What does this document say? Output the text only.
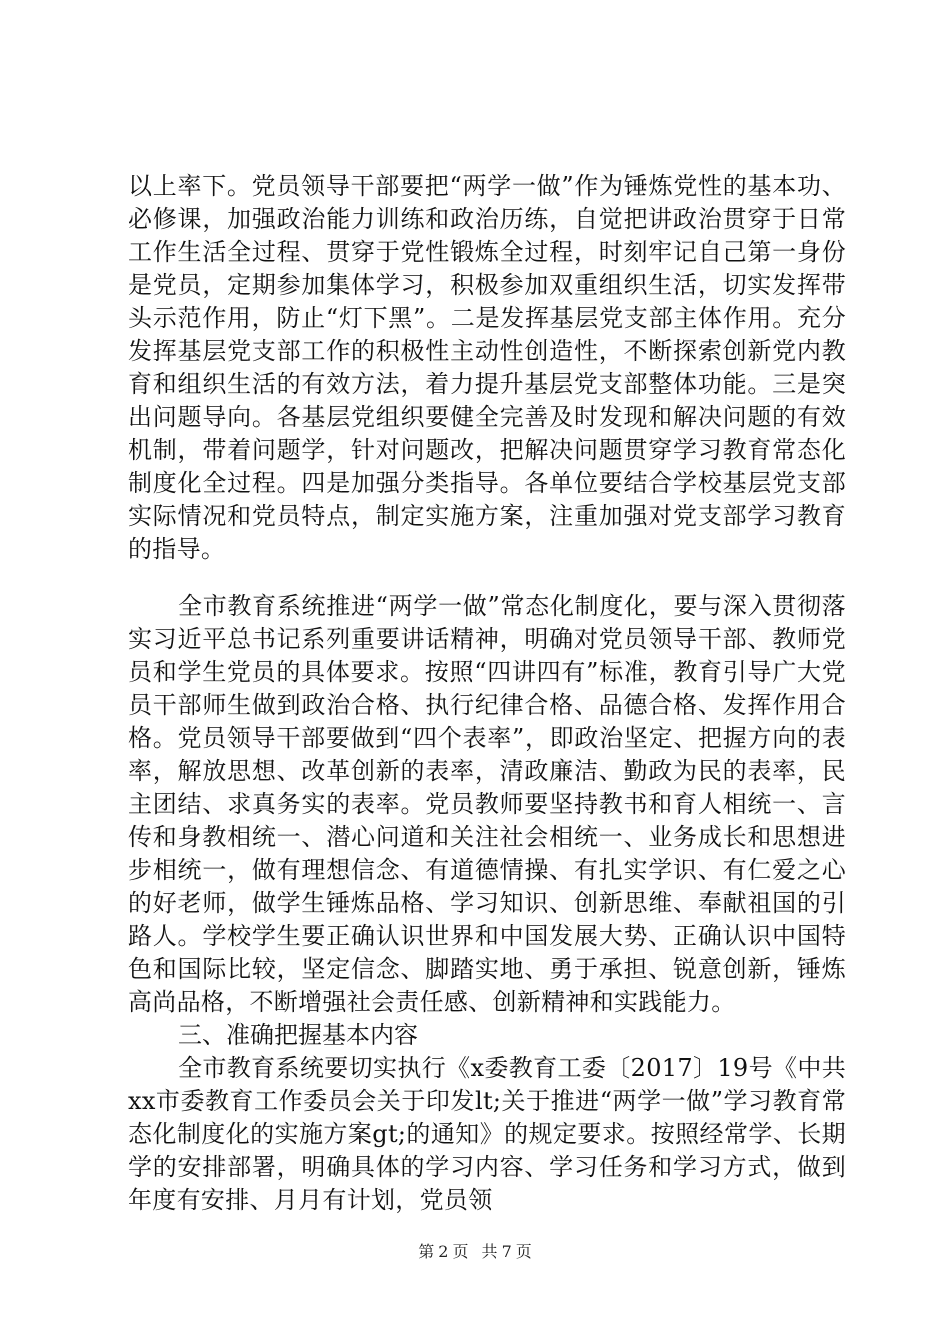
以上率下。党员领导干部要把“两学一做”作为锤炼党性的基本功、必修课，加强政治能力训练和政治历练，自觉把讲政治贯穿于日常工作生活全过程、贯穿于党性锻炼全过程，时刻牢记自己第一身份是党员，定期参加集体学习，积极参加双重组织生活，切实发挥带头示范作用，防止“灯下黑”。二是发挥基层党支部主体作用。充分发挥基层党支部工作的积极性主动性创造性，不断探索创新党内教育和组织生活的有效方法，着力提升基层党支部整体功能。三是突出问题导向。各基层党组织要健全完善及时发现和解决问题的有效机制，带着问题学，针对问题改，把解决问题贯穿学习教育常态化制度化全过程。四是加强分类指导。各单位要结合学校基层党支部实际情况和党员特点，制定实施方案，注重加强对党支部学习教育的指导。

全市教育系统推进“两学一做”常态化制度化，要与深入贯彻落实习近平总书记系列重要讲话精神，明确对党员领导干部、教师党员和学生党员的具体要求。按照“四讲四有”标准，教育引导广大党员干部师生做到政治合格、执行纪律合格、品德合格、发挥作用合格。党员领导干部要做到“四个表率”，即政治坚定、把握方向的表率，解放思想、改革创新的表率，清政廉洁、勤政为民的表率，民主团结、求真务实的表率。党员教师要坚持教书和育人相统一、言传和身教相统一、潜心问道和关注社会相统一、业务成长和思想进步相统一，做有理想信念、有道德情操、有扎实学识、有仁爱之心的好老师，做学生锤炼品格、学习知识、创新思维、奉献祖国的引路人。学校学生要正确认识世界和中国发展大势、正确认识中国特色和国际比较，坚定信念、脚踏实地、勇于承担、锐意创新，锤炼高尚品格，不断增强社会责任感、创新精神和实践能力。

三、准确把握基本内容

全市教育系统要切实执行《x委教育工委〔2017〕19号《中共xx市委教育工作委员会关于印发lt;关于推进“两学一做”学习教育常态化制度化的实施方案gt;的通知》的规定要求。按照经常学、长期学的安排部署，明确具体的学习内容、学习任务和学习方式，做到年度有安排、月月有计划，党员领

第 2 页 共 7 页
